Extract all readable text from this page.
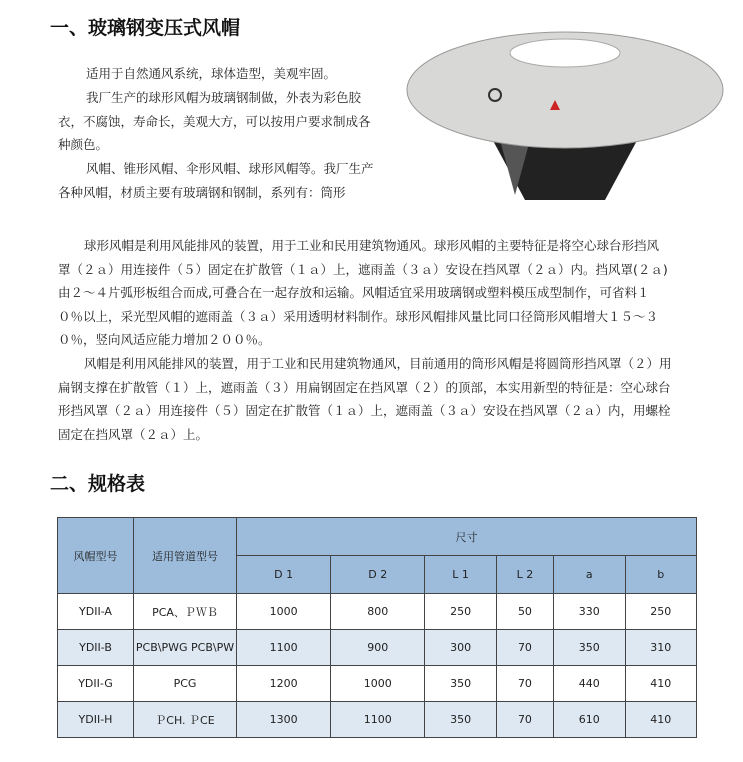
一、玻璃钢变压式风帽

适用于自然通风系统，球体造型，美观牢固。

我厂生产的球形风帽为玻璃钢制做，外表为彩色胶衣，不腐蚀，寿命长，美观大方，可以按用户要求制成各种颜色。

风帽、锥形风帽、伞形风帽、球形风帽等。我厂生产各种风帽，材质主要有玻璃钢和钢制，系列有：筒形

球形风帽是利用风能排风的装置，用于工业和民用建筑物通风。球形风帽的主要特征是将空心球台形挡风罩（２ａ）用连接件（５）固定在扩散管（１ａ）上，遮雨盖（３ａ）安设在挡风罩（２ａ）内。挡风罩(２ａ)由２～４片弧形板组合而成,可叠合在一起存放和运输。风帽适宜采用玻璃钢或塑料模压成型制作，可省料１０％以上，采光型风帽的遮雨盖（３ａ）采用透明材料制作。球形风帽排风量比同口径筒形风帽增大１５～３０％，竖向风适应能力增加２００％。

风帽是利用风能排风的装置，用于工业和民用建筑物通风，目前通用的筒形风帽是将圆筒形挡风罩（２）用扁钢支撑在扩散管（１）上，遮雨盖（３）用扁钢固定在挡风罩（２）的顶部，本实用新型的特征是：空心球台形挡风罩（２ａ）用连接件（５）固定在扩散管（１ａ）上，遮雨盖（３ａ）安设在挡风罩（２ａ）内，用螺栓固定在挡风罩（２ａ）上。

二、规格表
风帽型号	适用管道型号	尺寸					
		D 1	D 2	L 1	L 2	a	b
YDII-A	PCA、ＰＷＢ	1000	800	250	50	330	250
YDII-B	PCB\PWG PCB\PW	1100	900	300	70	350	310
YDII-G	PCG	1200	1000	350	70	440	410
YDII-H	ＰCH. ＰCE	1300	1100	350	70	610	410
